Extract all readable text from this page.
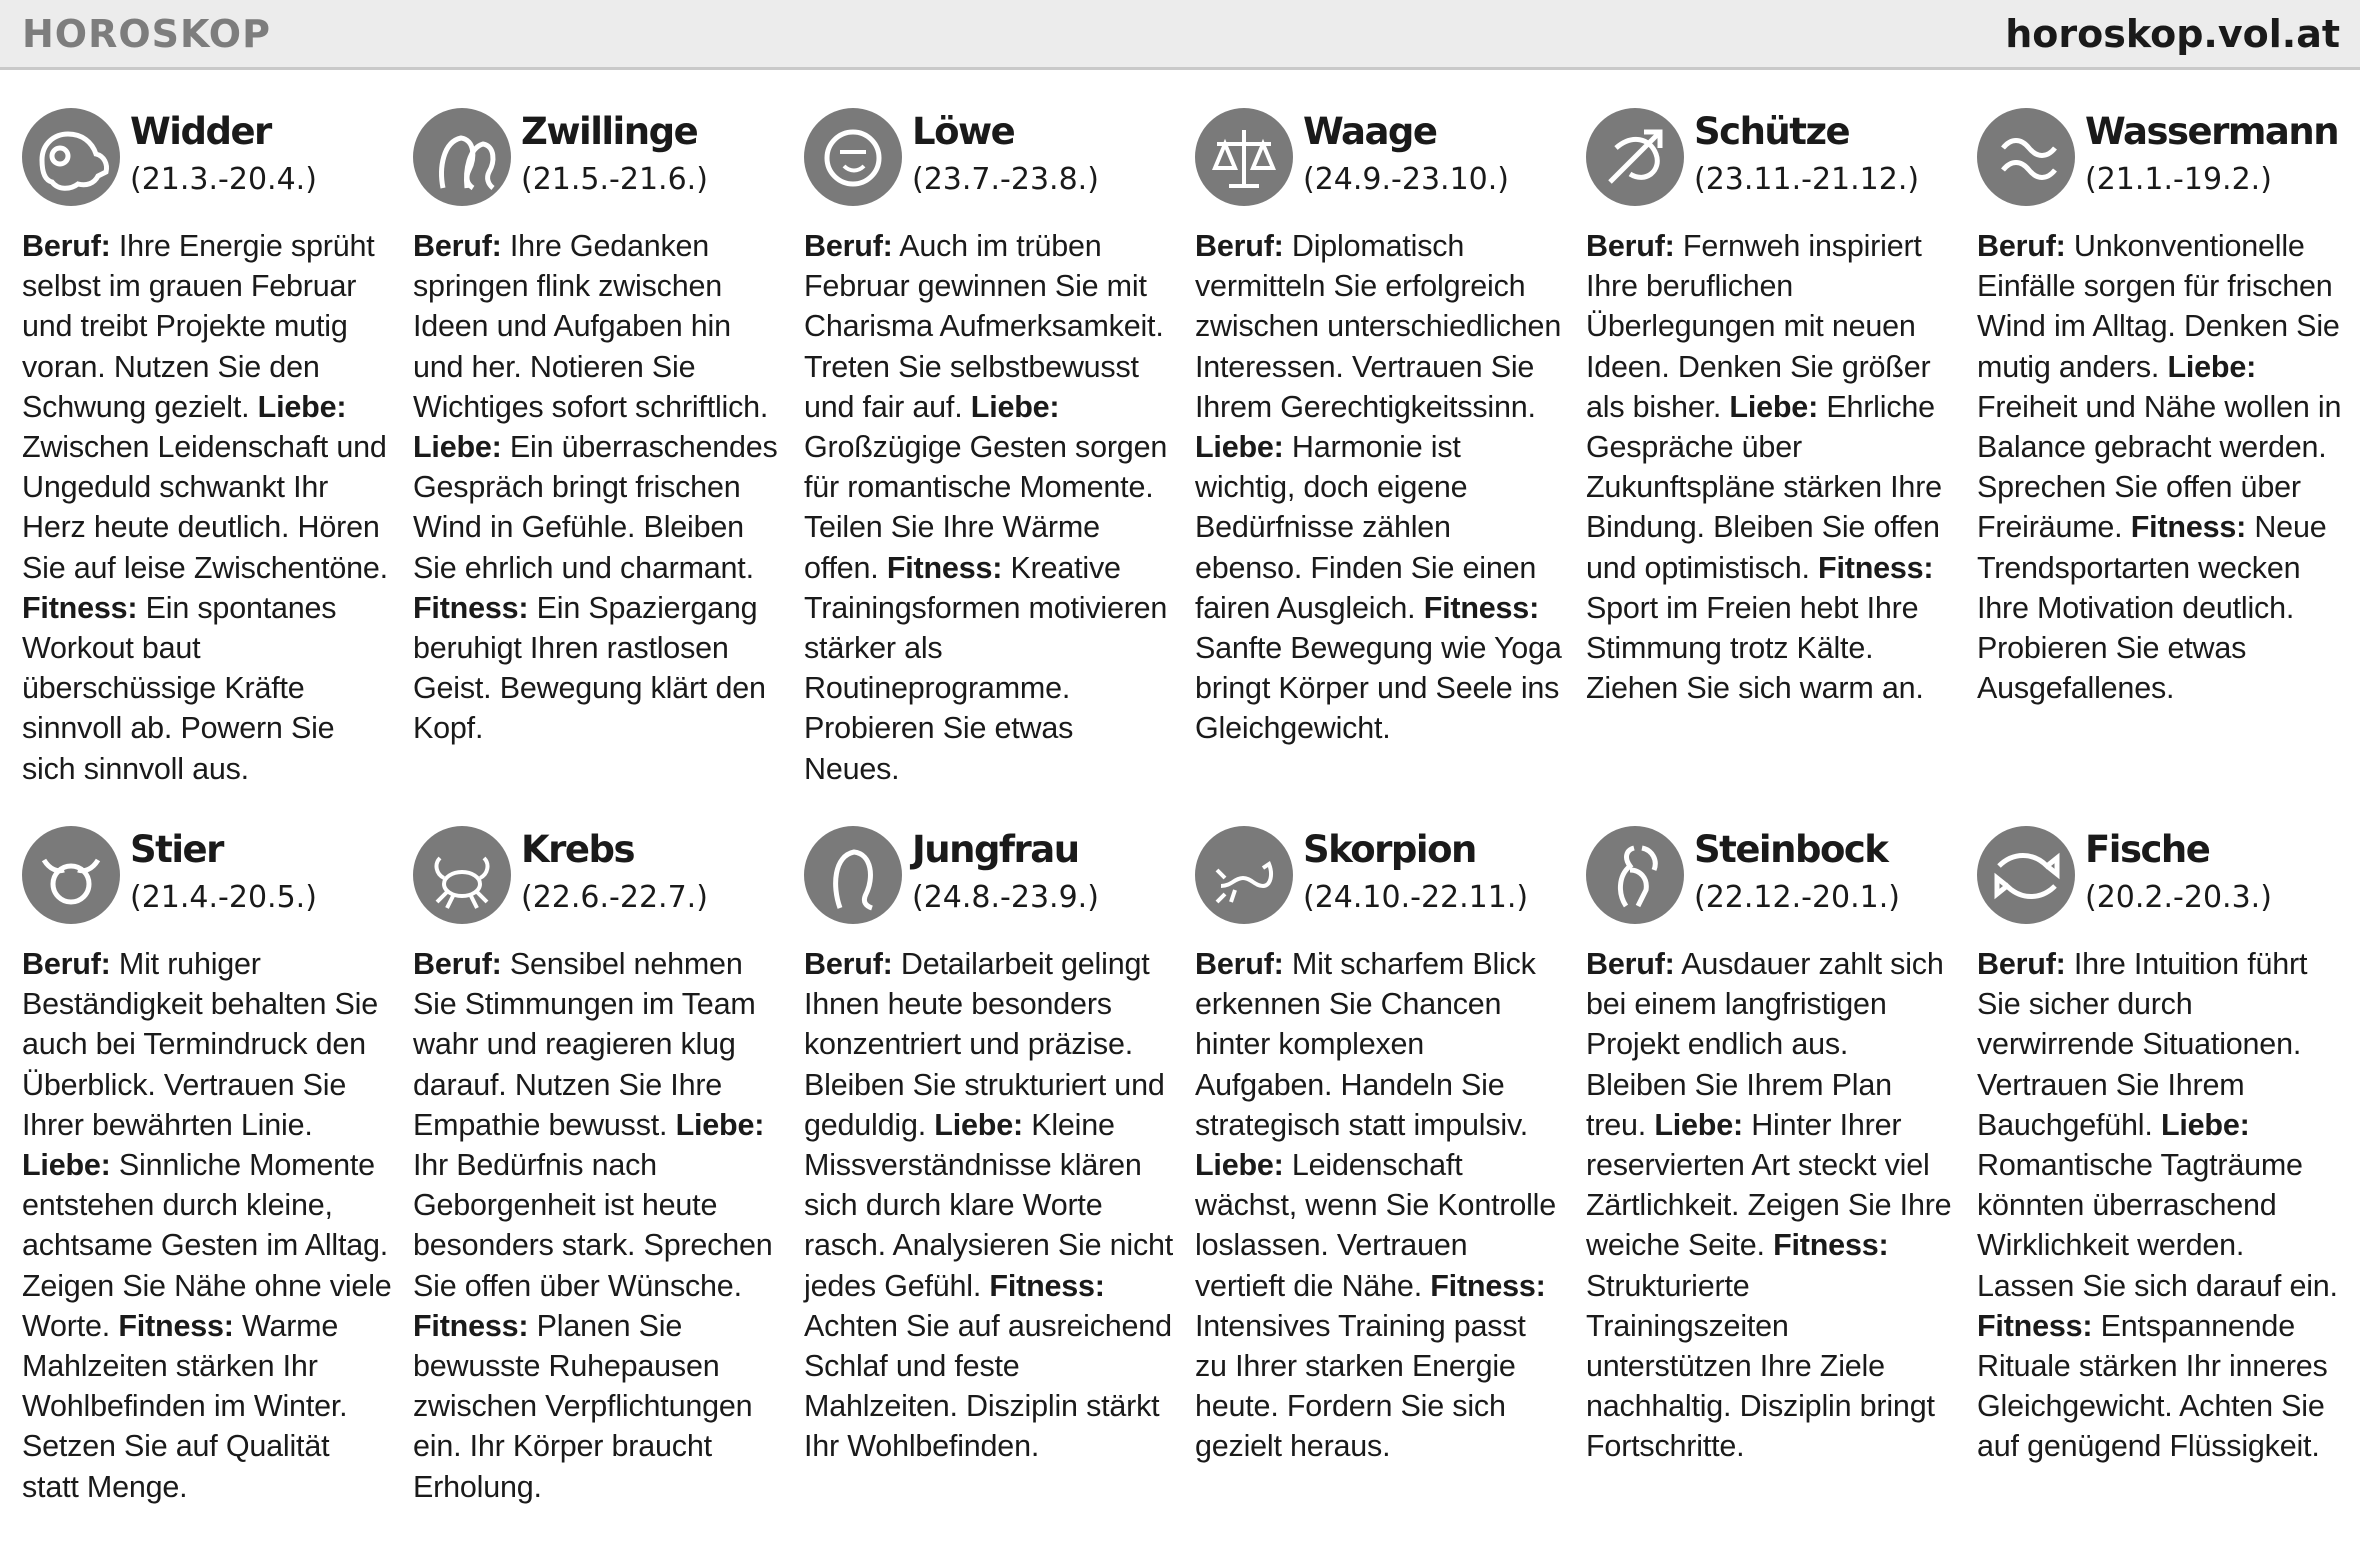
HOROSKOP	horoskop.vol.at
Widder
(21.3.-20.4.)
Beruf: Ihre Energie sprüht selbst im grauen Februar und treibt Projekte mutig voran. Nutzen Sie den Schwung gezielt. Liebe: Zwischen Leidenschaft und Ungeduld schwankt Ihr Herz heute deutlich. Hören Sie auf leise Zwischentöne. Fitness: Ein spontanes Workout baut überschüssige Kräfte sinnvoll ab. Powern Sie sich sinnvoll aus.
Zwillinge
(21.5.-21.6.)
Beruf: Ihre Gedanken springen flink zwischen Ideen und Aufgaben hin und her. Notieren Sie Wichtiges sofort schriftlich. Liebe: Ein überraschendes Gespräch bringt frischen Wind in Gefühle. Bleiben Sie ehrlich und charmant. Fitness: Ein Spaziergang beruhigt Ihren rastlosen Geist. Bewegung klärt den Kopf.
Löwe
(23.7.-23.8.)
Beruf: Auch im trüben Februar gewinnen Sie mit Charisma Aufmerksamkeit. Treten Sie selbstbewusst und fair auf. Liebe: Großzügige Gesten sorgen für romantische Momente. Teilen Sie Ihre Wärme offen. Fitness: Kreative Trainingsformen motivieren stärker als Routineprogramme. Probieren Sie etwas Neues.
Waage
(24.9.-23.10.)
Beruf: Diplomatisch vermitteln Sie erfolgreich zwischen unterschiedlichen Interessen. Vertrauen Sie Ihrem Gerechtigkeitssinn. Liebe: Harmonie ist wichtig, doch eigene Bedürfnisse zählen ebenso. Finden Sie einen fairen Ausgleich. Fitness: Sanfte Bewegung wie Yoga bringt Körper und Seele ins Gleichgewicht.
Schütze
(23.11.-21.12.)
Beruf: Fernweh inspiriert Ihre beruflichen Überlegungen mit neuen Ideen. Denken Sie größer als bisher. Liebe: Ehrliche Gespräche über Zukunftspläne stärken Ihre Bindung. Bleiben Sie offen und optimistisch. Fitness: Sport im Freien hebt Ihre Stimmung trotz Kälte. Ziehen Sie sich warm an.
Wassermann
(21.1.-19.2.)
Beruf: Unkonventionelle Einfälle sorgen für frischen Wind im Alltag. Denken Sie mutig anders. Liebe: Freiheit und Nähe wollen in Balance gebracht werden. Sprechen Sie offen über Freiräume. Fitness: Neue Trendsportarten wecken Ihre Motivation deutlich. Probieren Sie etwas Ausgefallenes.
Stier
(21.4.-20.5.)
Beruf: Mit ruhiger Beständigkeit behalten Sie auch bei Termindruck den Überblick. Vertrauen Sie Ihrer bewährten Linie. Liebe: Sinnliche Momente entstehen durch kleine, achtsame Gesten im Alltag. Zeigen Sie Nähe ohne viele Worte. Fitness: Warme Mahlzeiten stärken Ihr Wohlbefinden im Winter. Setzen Sie auf Qualität statt Menge.
Krebs
(22.6.-22.7.)
Beruf: Sensibel nehmen Sie Stimmungen im Team wahr und reagieren klug darauf. Nutzen Sie Ihre Empathie bewusst. Liebe: Ihr Bedürfnis nach Geborgenheit ist heute besonders stark. Sprechen Sie offen über Wünsche. Fitness: Planen Sie bewusste Ruhepausen zwischen Verpflichtungen ein. Ihr Körper braucht Erholung.
Jungfrau
(24.8.-23.9.)
Beruf: Detailarbeit gelingt Ihnen heute besonders konzentriert und präzise. Bleiben Sie strukturiert und geduldig. Liebe: Kleine Missverständnisse klären sich durch klare Worte rasch. Analysieren Sie nicht jedes Gefühl. Fitness: Achten Sie auf ausreichend Schlaf und feste Mahlzeiten. Disziplin stärkt Ihr Wohlbefinden.
Skorpion
(24.10.-22.11.)
Beruf: Mit scharfem Blick erkennen Sie Chancen hinter komplexen Aufgaben. Handeln Sie strategisch statt impulsiv. Liebe: Leidenschaft wächst, wenn Sie Kontrolle loslassen. Vertrauen vertieft die Nähe. Fitness: Intensives Training passt zu Ihrer starken Energie heute. Fordern Sie sich gezielt heraus.
Steinbock
(22.12.-20.1.)
Beruf: Ausdauer zahlt sich bei einem langfristigen Projekt endlich aus. Bleiben Sie Ihrem Plan treu. Liebe: Hinter Ihrer reservierten Art steckt viel Zärtlichkeit. Zeigen Sie Ihre weiche Seite. Fitness: Strukturierte Trainingszeiten unterstützen Ihre Ziele nachhaltig. Disziplin bringt Fortschritte.
Fische
(20.2.-20.3.)
Beruf: Ihre Intuition führt Sie sicher durch verwirrende Situationen. Vertrauen Sie Ihrem Bauchgefühl. Liebe: Romantische Tagträume könnten überraschend Wirklichkeit werden. Lassen Sie sich darauf ein. Fitness: Entspannende Rituale stärken Ihr inneres Gleichgewicht. Achten Sie auf genügend Flüssigkeit.
